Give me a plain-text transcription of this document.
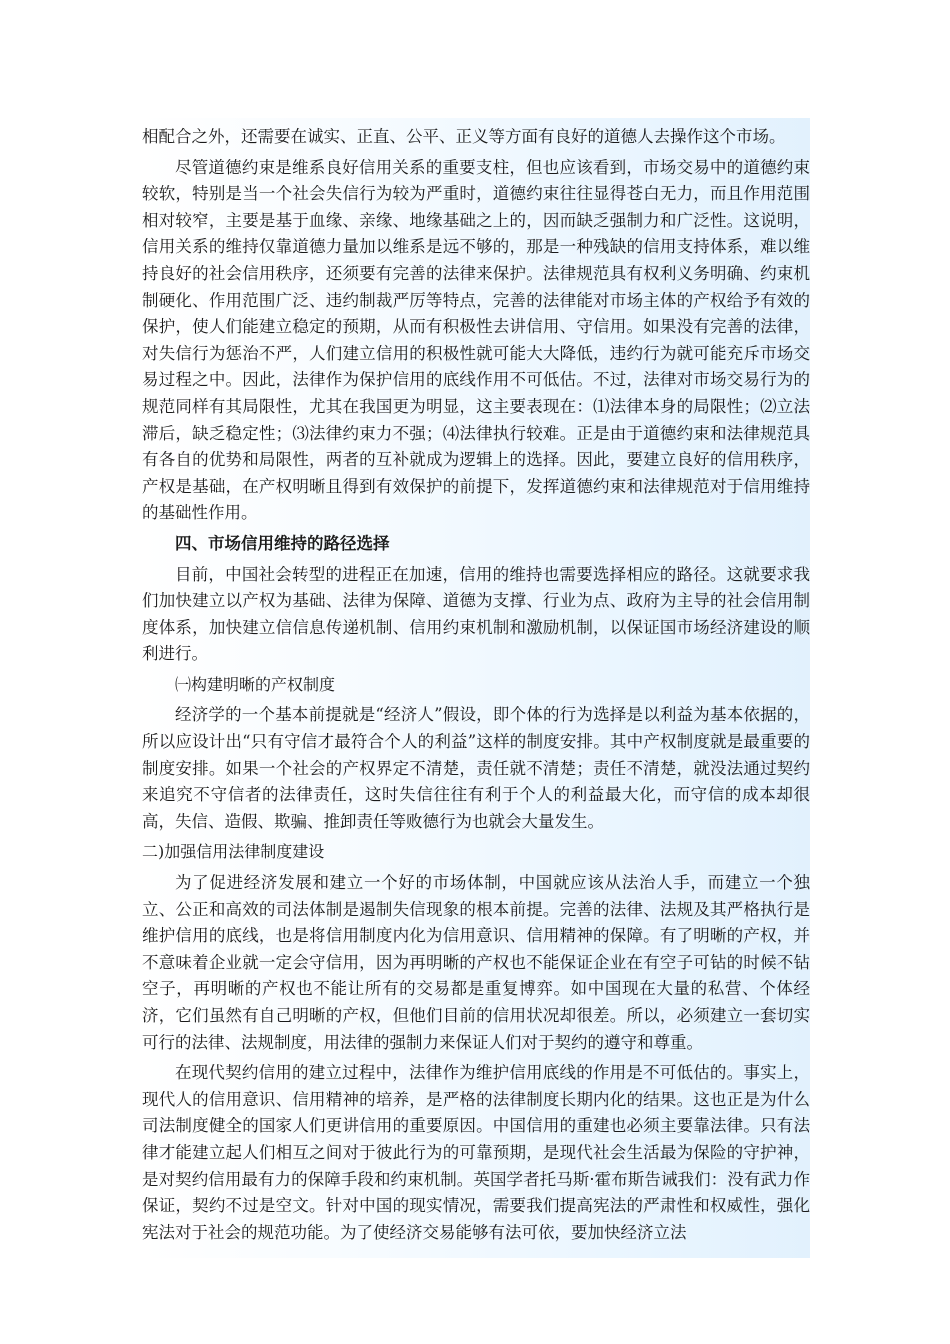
相配合之外，还需要在诚实、正直、公平、正义等方面有良好的道德人去操作这个市场。

尽管道德约束是维系良好信用关系的重要支柱，但也应该看到，市场交易中的道德约束较软，特别是当一个社会失信行为较为严重时，道德约束往往显得苍白无力，而且作用范围相对较窄，主要是基于血缘、亲缘、地缘基础之上的，因而缺乏强制力和广泛性。这说明，信用关系的维持仅靠道德力量加以维系是远不够的，那是一种残缺的信用支持体系，难以维持良好的社会信用秩序，还须要有完善的法律来保护。法律规范具有权利义务明确、约束机制硬化、作用范围广泛、违约制裁严厉等特点，完善的法律能对市场主体的产权给予有效的保护，使人们能建立稳定的预期，从而有积极性去讲信用、守信用。如果没有完善的法律，对失信行为惩治不严，人们建立信用的积极性就可能大大降低，违约行为就可能充斥市场交易过程之中。因此，法律作为保护信用的底线作用不可低估。不过，法律对市场交易行为的规范同样有其局限性，尤其在我国更为明显，这主要表现在：⑴法律本身的局限性；⑵立法滞后，缺乏稳定性；⑶法律约束力不强；⑷法律执行较难。正是由于道德约束和法律规范具有各自的优势和局限性，两者的互补就成为逻辑上的选择。因此，要建立良好的信用秩序，产权是基础，在产权明晰且得到有效保护的前提下，发挥道德约束和法律规范对于信用维持的基础性作用。

四、市场信用维持的路径选择

目前，中国社会转型的进程正在加速，信用的维持也需要选择相应的路径。这就要求我们加快建立以产权为基础、法律为保障、道德为支撑、行业为点、政府为主导的社会信用制度体系，加快建立信信息传递机制、信用约束机制和激励机制，以保证国市场经济建设的顺利进行。

㈠构建明晰的产权制度

经济学的一个基本前提就是“经济人”假设，即个体的行为选择是以利益为基本依据的，所以应设计出“只有守信才最符合个人的利益”这样的制度安排。其中产权制度就是最重要的制度安排。如果一个社会的产权界定不清楚，责任就不清楚；责任不清楚，就没法通过契约来追究不守信者的法律责任，这时失信往往有利于个人的利益最大化，而守信的成本却很高，失信、造假、欺骗、推卸责任等败德行为也就会大量发生。

二)加强信用法律制度建设

为了促进经济发展和建立一个好的市场体制，中国就应该从法治人手，而建立一个独立、公正和高效的司法体制是遏制失信现象的根本前提。完善的法律、法规及其严格执行是维护信用的底线，也是将信用制度内化为信用意识、信用精神的保障。有了明晰的产权，并不意味着企业就一定会守信用，因为再明晰的产权也不能保证企业在有空子可钻的时候不钻空子，再明晰的产权也不能让所有的交易都是重复博弈。如中国现在大量的私营、个体经济，它们虽然有自己明晰的产权，但他们目前的信用状况却很差。所以，必须建立一套切实可行的法律、法规制度，用法律的强制力来保证人们对于契约的遵守和尊重。

在现代契约信用的建立过程中，法律作为维护信用底线的作用是不可低估的。事实上，现代人的信用意识、信用精神的培养，是严格的法律制度长期内化的结果。这也正是为什么司法制度健全的国家人们更讲信用的重要原因。中国信用的重建也必须主要靠法律。只有法律才能建立起人们相互之间对于彼此行为的可靠预期，是现代社会生活最为保险的守护神，是对契约信用最有力的保障手段和约束机制。英国学者托马斯·霍布斯告诫我们：没有武力作保证，契约不过是空文。针对中国的现实情况，需要我们提高宪法的严肃性和权威性，强化宪法对于社会的规范功能。为了使经济交易能够有法可依，要加快经济立法
